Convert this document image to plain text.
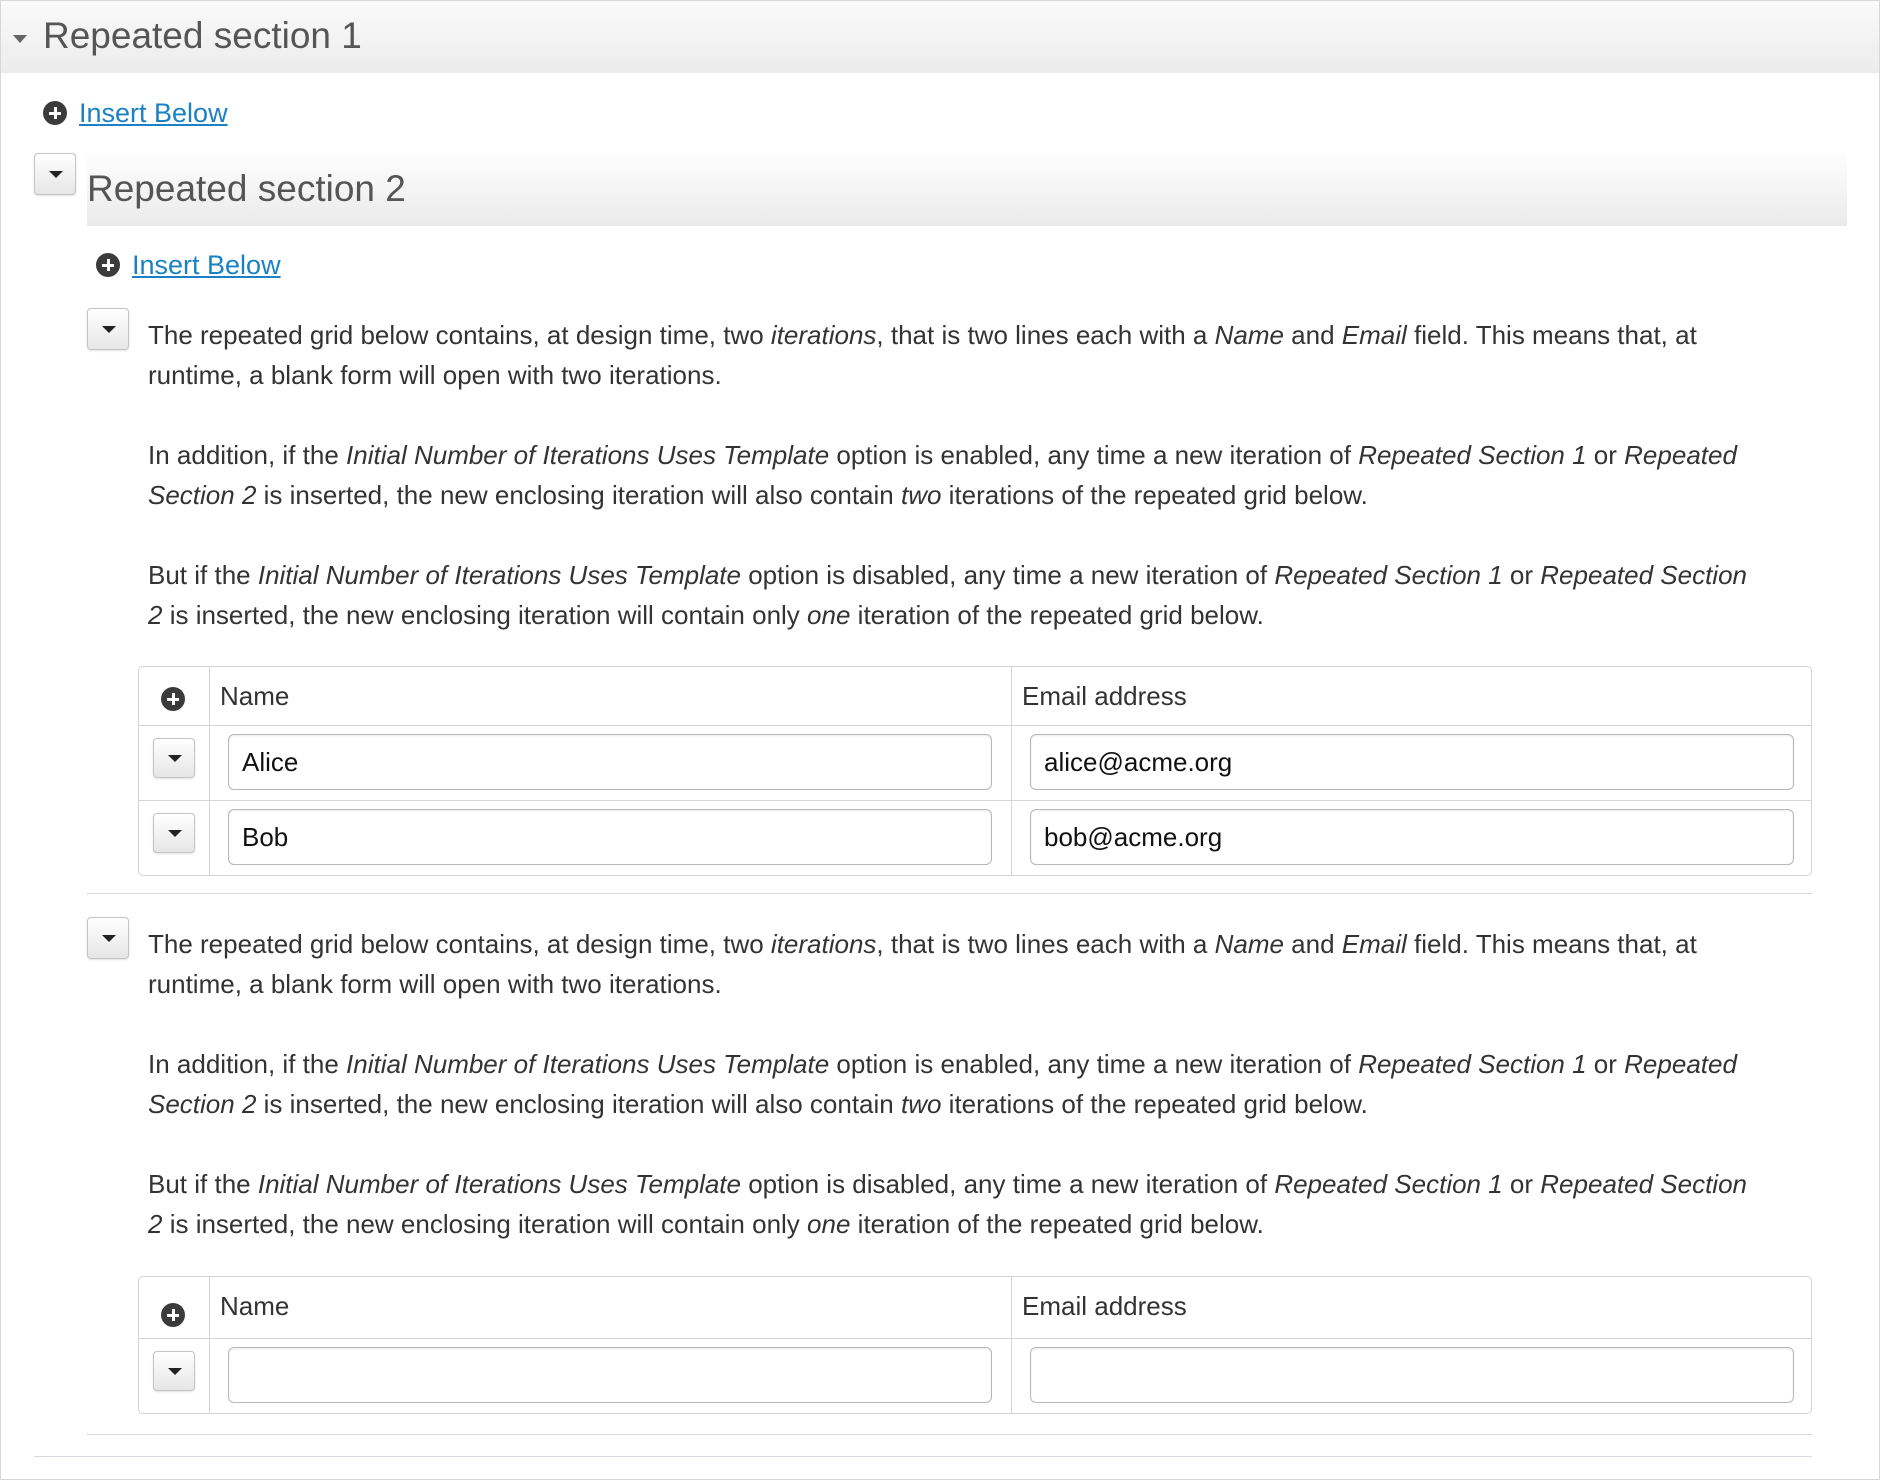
Repeated section 1
Insert Below
Repeated section 2
Insert Below

The repeated grid below contains, at design time, two iterations, that is two lines each with a Name and Email field. This means that, at runtime, a blank form will open with two iterations.

In addition, if the Initial Number of Iterations Uses Template option is enabled, any time a new iteration of Repeated Section 1 or Repeated Section 2 is inserted, the new enclosing iteration will also contain two iterations of the repeated grid below.

But if the Initial Number of Iterations Uses Template option is disabled, any time a new iteration of Repeated Section 1 or Repeated Section 2 is inserted, the new enclosing iteration will contain only one iteration of the repeated grid below.

Name	Email address
Alice
alice@acme.org
Bob
bob@acme.org

The repeated grid below contains, at design time, two iterations, that is two lines each with a Name and Email field. This means that, at runtime, a blank form will open with two iterations.

In addition, if the Initial Number of Iterations Uses Template option is enabled, any time a new iteration of Repeated Section 1 or Repeated Section 2 is inserted, the new enclosing iteration will also contain two iterations of the repeated grid below.

But if the Initial Number of Iterations Uses Template option is disabled, any time a new iteration of Repeated Section 1 or Repeated Section 2 is inserted, the new enclosing iteration will contain only one iteration of the repeated grid below.

Name	Email address
